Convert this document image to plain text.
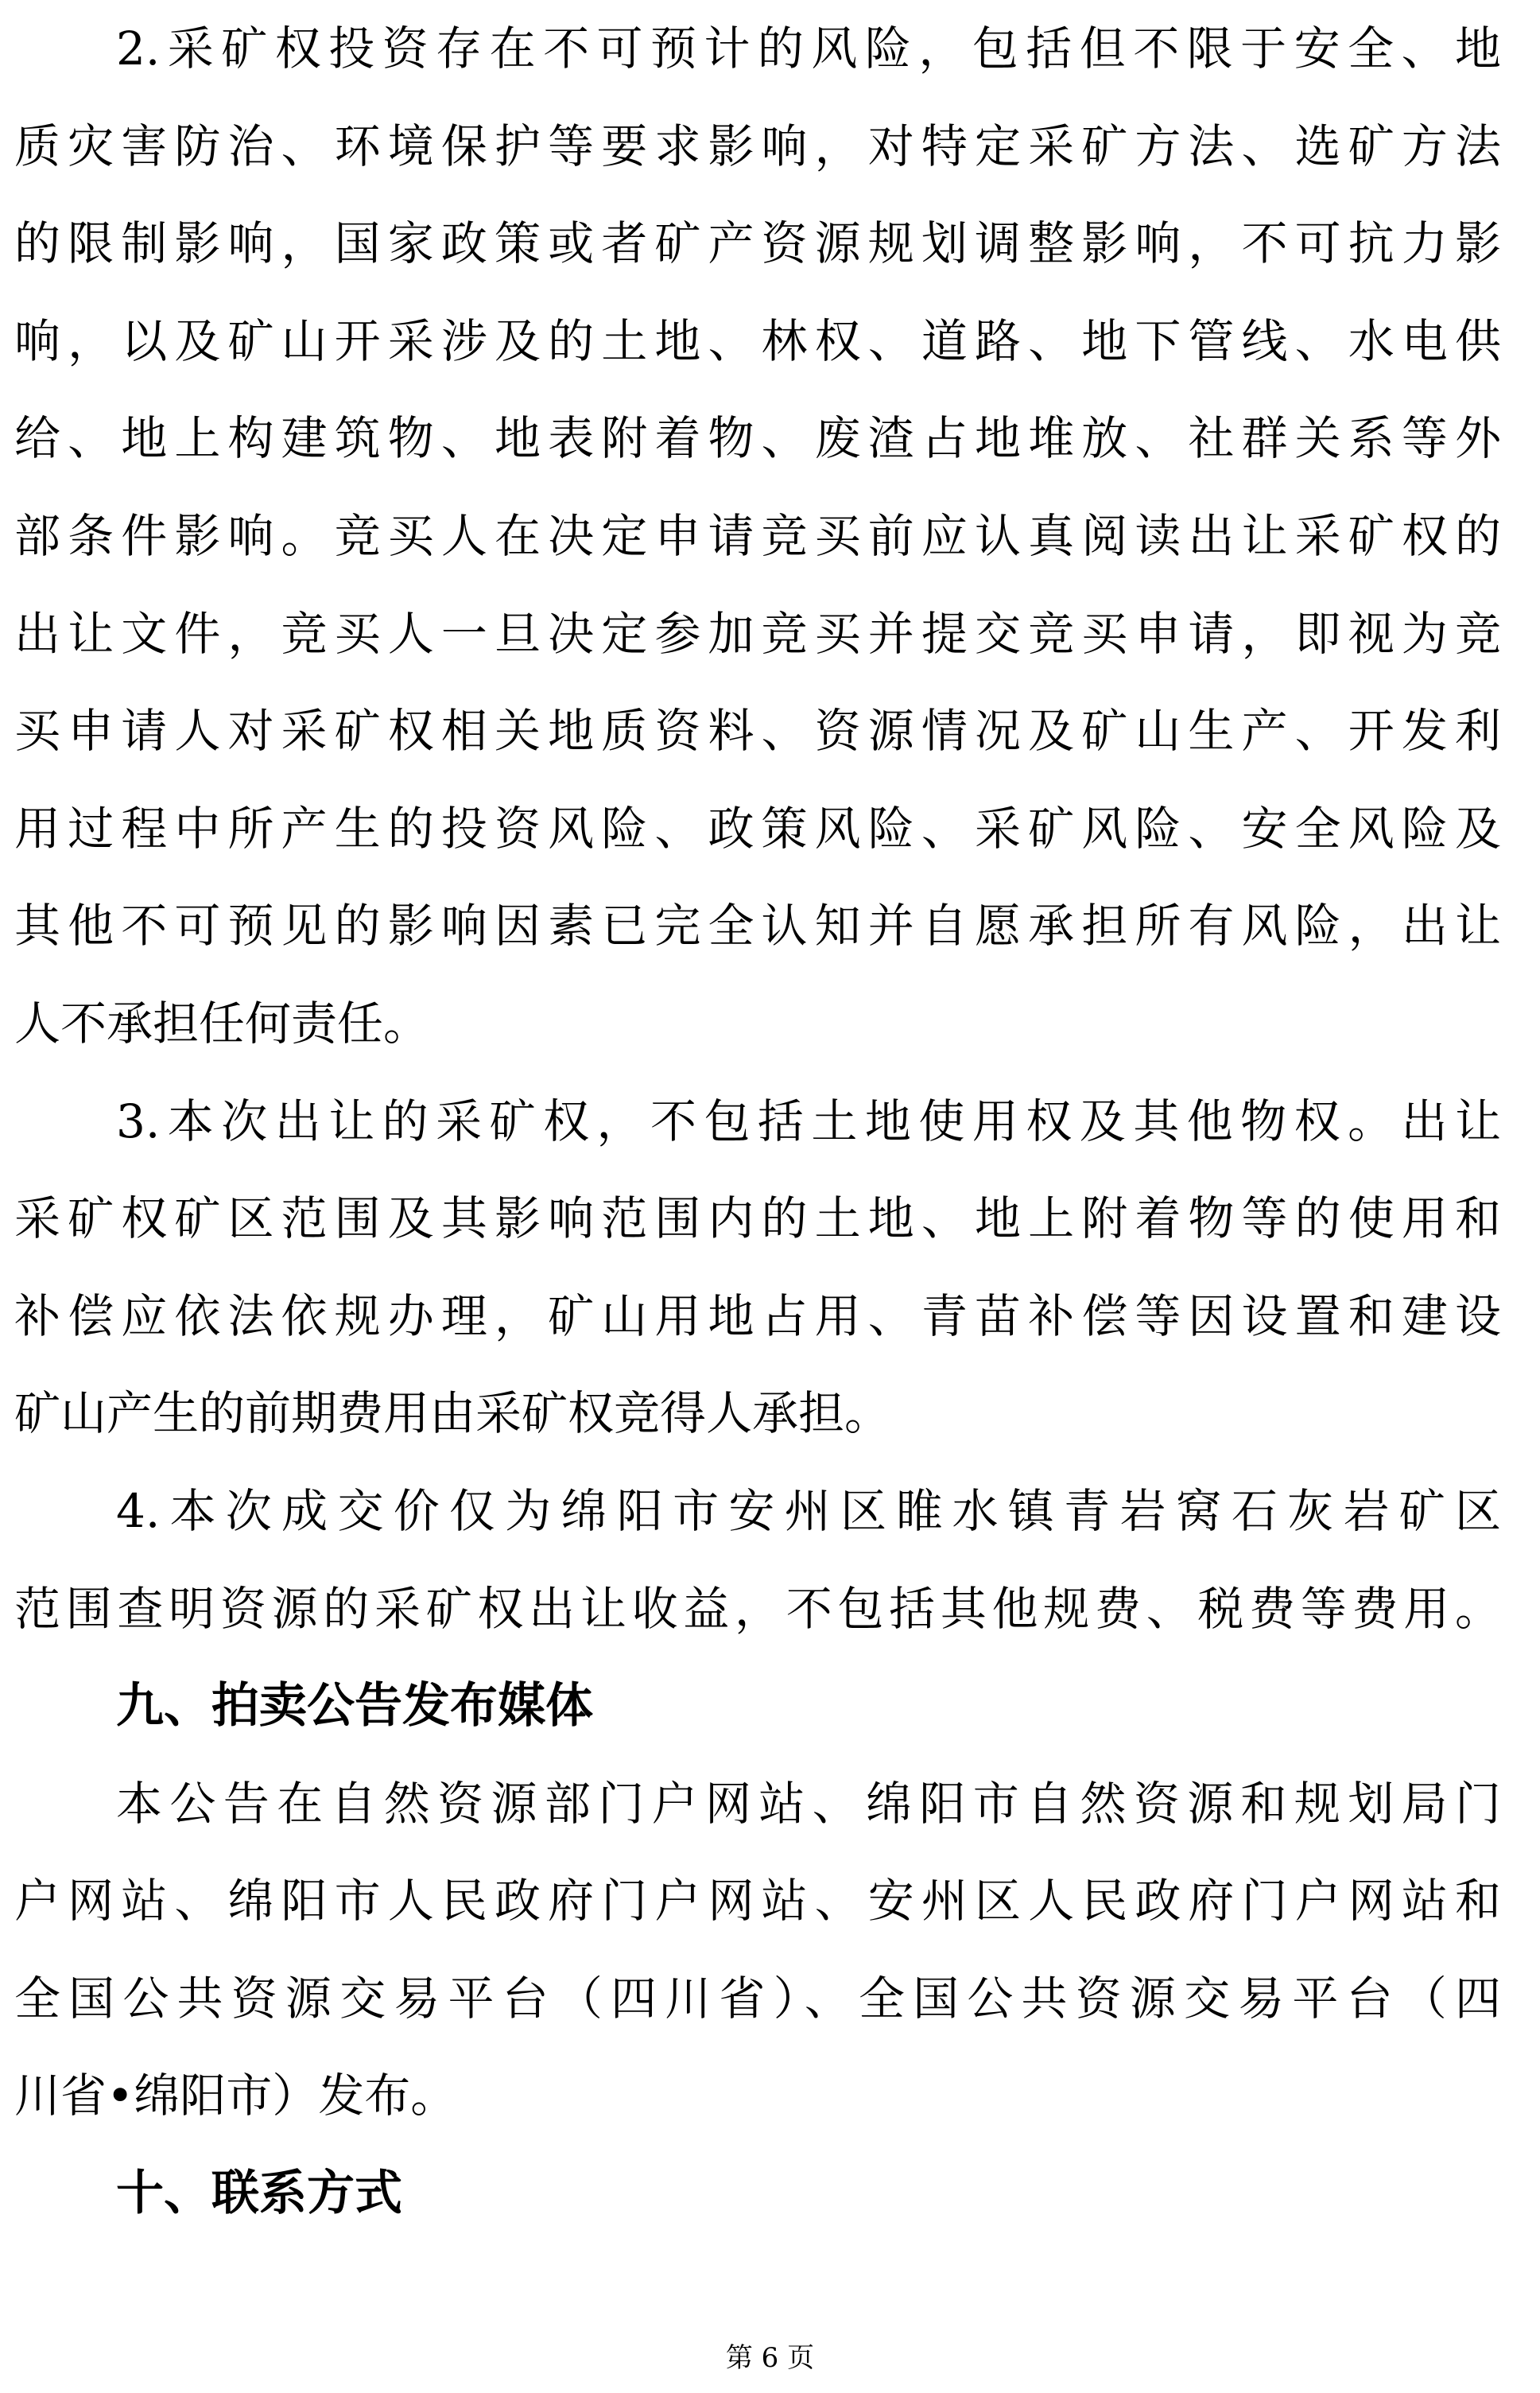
2.采矿权投资存在不可预计的风险，包括但不限于安全、地
质灾害防治、环境保护等要求影响，对特定采矿方法、选矿方法
的限制影响，国家政策或者矿产资源规划调整影响，不可抗力影
响，以及矿山开采涉及的土地、林权、道路、地下管线、水电供
给、地上构建筑物、地表附着物、废渣占地堆放、社群关系等外
部条件影响。竞买人在决定申请竞买前应认真阅读出让采矿权的
出让文件，竞买人一旦决定参加竞买并提交竞买申请，即视为竞
买申请人对采矿权相关地质资料、资源情况及矿山生产、开发利
用过程中所产生的投资风险、政策风险、采矿风险、安全风险及
其他不可预见的影响因素已完全认知并自愿承担所有风险，出让
人不承担任何责任。
3.本次出让的采矿权，不包括土地使用权及其他物权。出让
采矿权矿区范围及其影响范围内的土地、地上附着物等的使用和
补偿应依法依规办理，矿山用地占用、青苗补偿等因设置和建设
矿山产生的前期费用由采矿权竞得人承担。
4.本次成交价仅为绵阳市安州区睢水镇青岩窝石灰岩矿区
范围查明资源的采矿权出让收益，不包括其他规费、税费等费用。
九、拍卖公告发布媒体
本公告在自然资源部门户网站、绵阳市自然资源和规划局门
户网站、绵阳市人民政府门户网站、安州区人民政府门户网站和
全国公共资源交易平台（四川省）、全国公共资源交易平台（四
川省•绵阳市）发布。
十、联系方式
第 6 页
